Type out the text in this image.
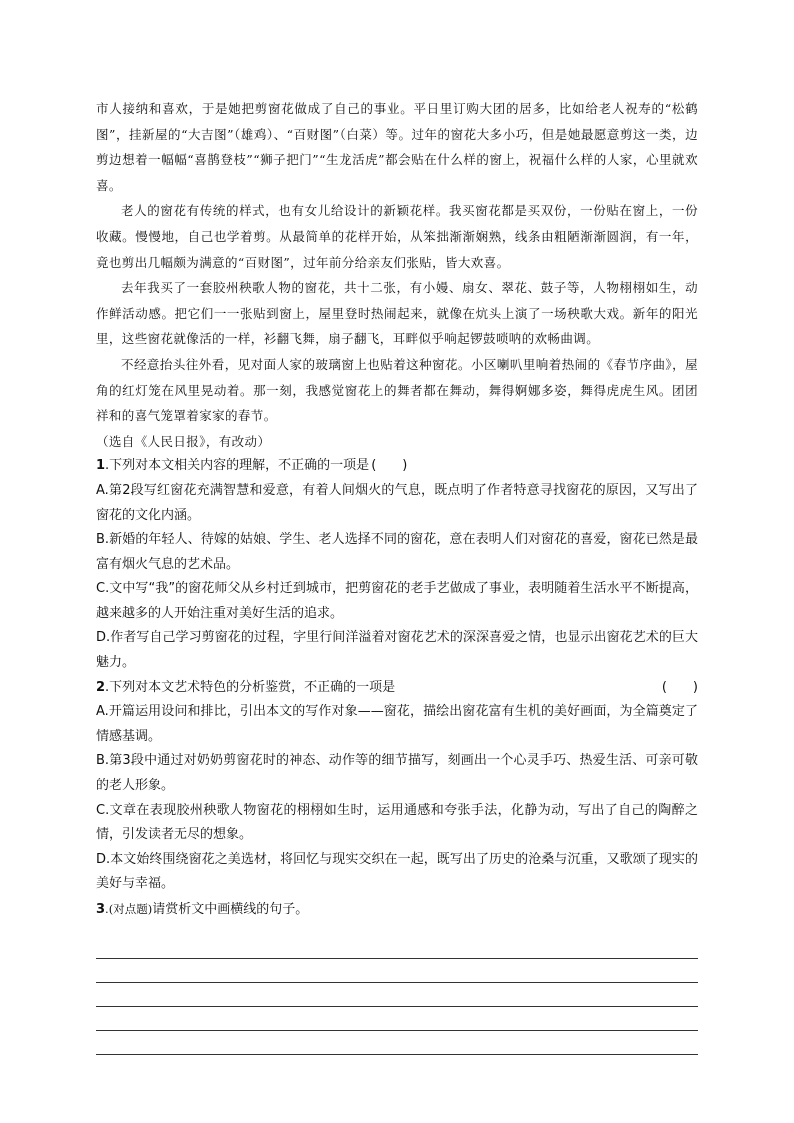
市人接纳和喜欢，于是她把剪窗花做成了自己的事业。平日里订购大团的居多，比如给老人祝寿的“松鹤图”，挂新屋的“大吉图”（雄鸡）、“百财图”（白菜）等。过年的窗花大多小巧，但是她最愿意剪这一类，边剪边想着一幅幅“喜鹊登枝”“狮子把门”“生龙活虎”都会贴在什么样的窗上，祝福什么样的人家，心里就欢喜。

老人的窗花有传统的样式，也有女儿给设计的新颖花样。我买窗花都是买双份，一份贴在窗上，一份收藏。慢慢地，自己也学着剪。从最简单的花样开始，从笨拙渐渐娴熟，线条由粗陋渐渐圆润，有一年，竟也剪出几幅颇为满意的“百财图”，过年前分给亲友们张贴，皆大欢喜。

去年我买了一套胶州秧歌人物的窗花，共十二张，有小嫚、扇女、翠花、鼓子等，人物栩栩如生，动作鲜活动感。把它们一一张贴到窗上，屋里登时热闹起来，就像在炕头上演了一场秧歌大戏。新年的阳光里，这些窗花就像活的一样，衫翻飞舞，扇子翻飞，耳畔似乎响起锣鼓唢呐的欢畅曲调。

不经意抬头往外看，见对面人家的玻璃窗上也贴着这种窗花。小区喇叭里响着热闹的《春节序曲》，屋角的红灯笼在风里晃动着。那一刻，我感觉窗花上的舞者都在舞动，舞得婀娜多姿，舞得虎虎生风。团团祥和的喜气笼罩着家家的春节。

（选自《人民日报》，有改动）

1.下列对本文相关内容的理解，不正确的一项是 (　　)

A.第2段写红窗花充满智慧和爱意，有着人间烟火的气息，既点明了作者特意寻找窗花的原因，又写出了窗花的文化内涵。

B.新婚的年轻人、待嫁的姑娘、学生、老人选择不同的窗花，意在表明人们对窗花的喜爱，窗花已然是最富有烟火气息的艺术品。

C.文中写“我”的窗花师父从乡村迁到城市，把剪窗花的老手艺做成了事业，表明随着生活水平不断提高，越来越多的人开始注重对美好生活的追求。

D.作者写自己学习剪窗花的过程，字里行间洋溢着对窗花艺术的深深喜爱之情，也显示出窗花艺术的巨大魅力。

2.下列对本文艺术特色的分析鉴赏，不正确的一项是	(　　)

A.开篇运用设问和排比，引出本文的写作对象——窗花，描绘出窗花富有生机的美好画面，为全篇奠定了情感基调。

B.第3段中通过对奶奶剪窗花时的神态、动作等的细节描写，刻画出一个心灵手巧、热爱生活、可亲可敬的老人形象。

C.文章在表现胶州秧歌人物窗花的栩栩如生时，运用通感和夸张手法，化静为动，写出了自己的陶醉之情，引发读者无尽的想象。

D.本文始终围绕窗花之美选材，将回忆与现实交织在一起，既写出了历史的沧桑与沉重，又歌颂了现实的美好与幸福。

3.(对点题)请赏析文中画横线的句子。
